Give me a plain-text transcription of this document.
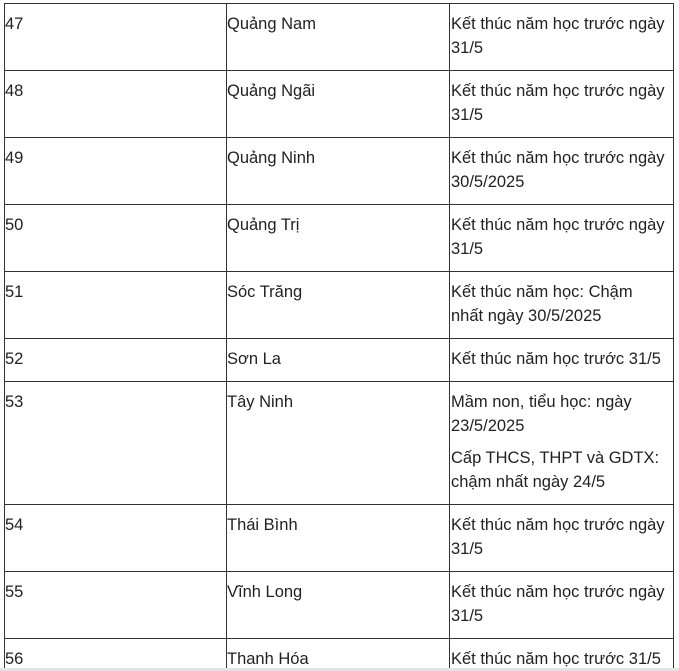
47	Quảng Nam	Kết thúc năm học trước ngày
31/5

48	Quảng Ngãi	Kết thúc năm học trước ngày
31/5

49	Quảng Ninh	Kết thúc năm học trước ngày
30/5/2025

50	Quảng Trị	Kết thúc năm học trước ngày
31/5

51	Sóc Trăng	Kết thúc năm học: Chậm
nhất ngày 30/5/2025

52	Sơn La	Kết thúc năm học trước 31/5

53	Tây Ninh	Mầm non, tiểu học: ngày
23/5/2025
Cấp THCS, THPT và GDTX:
chậm nhất ngày 24/5

54	Thái Bình	Kết thúc năm học trước ngày
31/5

55	Vĩnh Long	Kết thúc năm học trước ngày
31/5

56	Thanh Hóa	Kết thúc năm học trước 31/5
